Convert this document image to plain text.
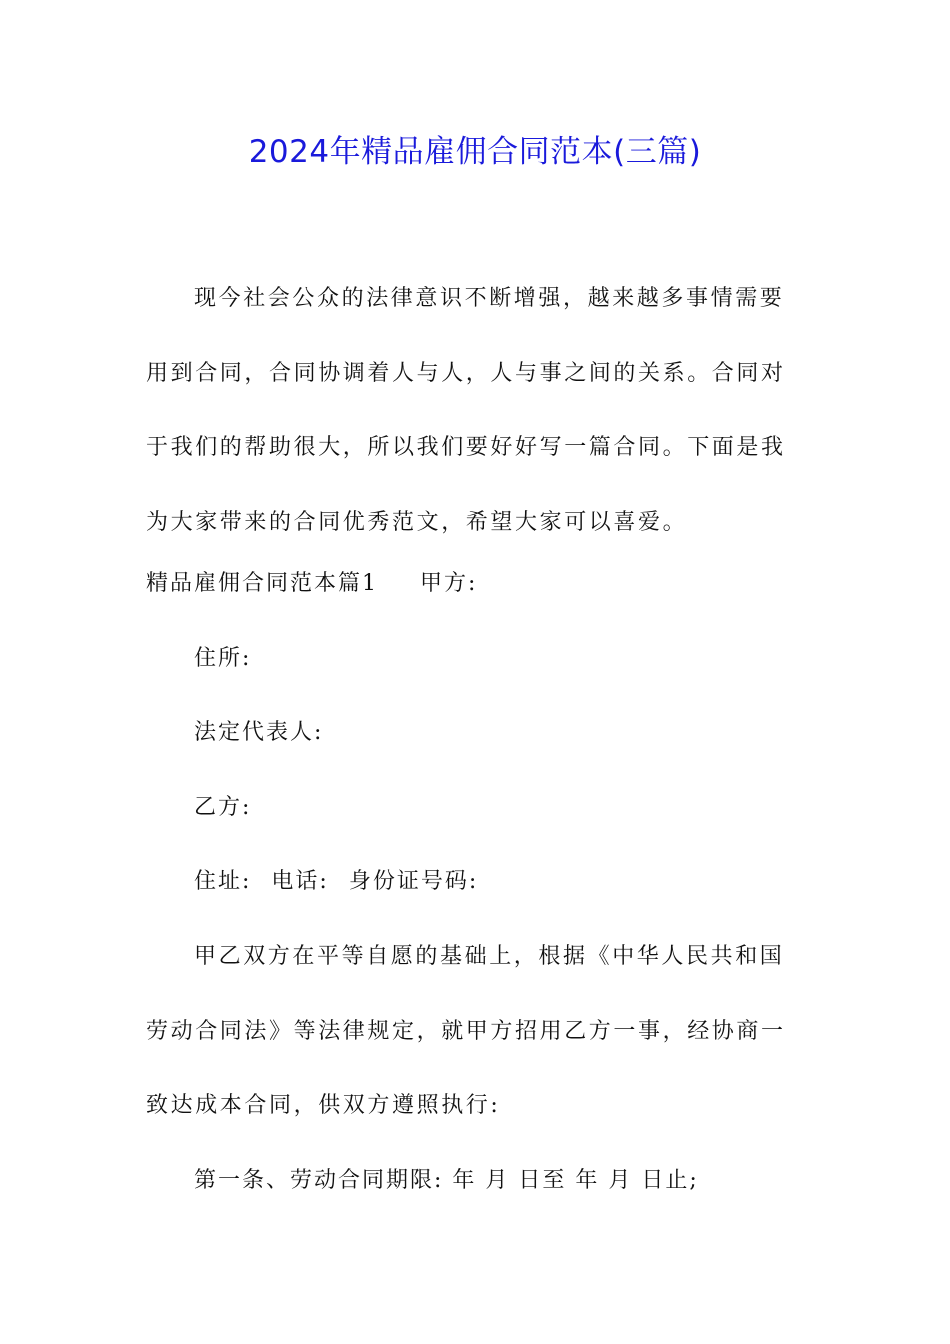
2024年精品雇佣合同范本(三篇)

现今社会公众的法律意识不断增强，越来越多事情需要用到合同，合同协调着人与人，人与事之间的关系。合同对于我们的帮助很大，所以我们要好好写一篇合同。下面是我为大家带来的合同优秀范文，希望大家可以喜爱。

精品雇佣合同范本篇1 甲方:
住所:
法定代表人:
乙方:
住址: 电话: 身份证号码:

甲乙双方在平等自愿的基础上，根据《中华人民共和国劳动合同法》等法律规定，就甲方招用乙方一事，经协商一致达成本合同，供双方遵照执行:

第一条、劳动合同期限: 年 月 日至 年 月 日止;
